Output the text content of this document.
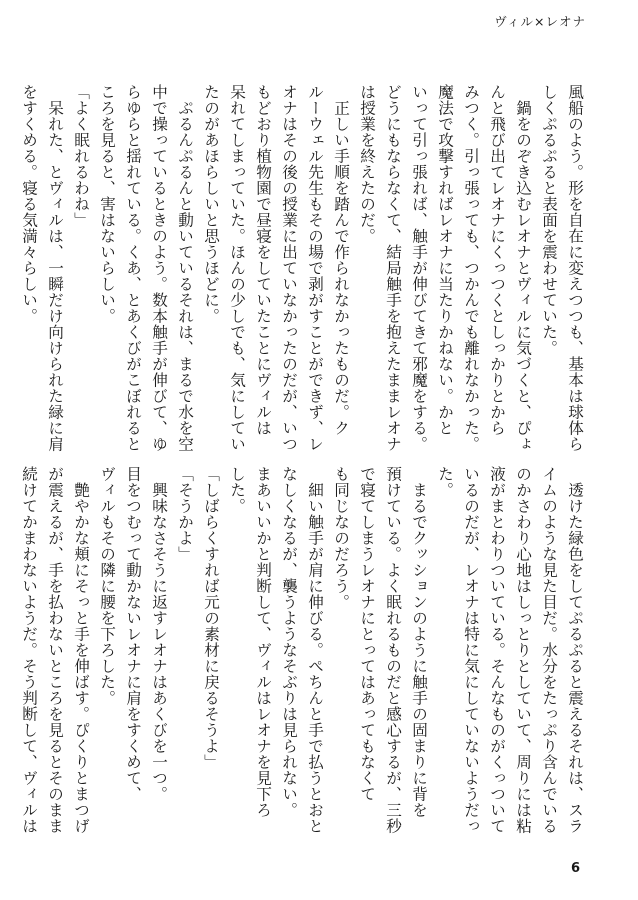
ヴィル×レオナ

風船のよう。形を自在に変えつつも、基本は球体ら

しくぷるぷると表面を震わせていた。

　鍋をのぞき込むレオナとヴィルに気づくと、ぴょ

んと飛び出てレオナにくっつくとしっかりとから

みつく。引っ張っても、つかんでも離れなかった。

魔法で攻撃すればレオナに当たりかねない。かと

いって引っ張れば、触手が伸びてきて邪魔をする。

どうにもならなくて、結局触手を抱えたままレオナ

は授業を終えたのだ。

　正しい手順を踏んで作られなかったものだ。ク

ルーウェル先生もその場で剥がすことができず、レ

オナはその後の授業に出ていなかったのだが、いつ

もどおり植物園で昼寝をしていたことにヴィルは

呆れてしまっていた。ほんの少しでも、気にしてい

たのがあほらしいと思うほどに。

　ぷるんぷるんと動いているそれは、まるで水を空

中で操っているときのよう。数本触手が伸びて、ゆ

らゆらと揺れている。くあ、とあくびがこぼれると

ころを見ると、害はないらしい。

「よく眠れるわね」

　呆れた、とヴィルは、一瞬だけ向けられた緑に肩

をすくめる。寝る気満々らしい。

　透けた緑色をしてぷるぷると震えるそれは、スラ

イムのような見た目だ。水分をたっぷり含んでいる

のかさわり心地はしっとりとしていて、周りには粘

液がまとわりついている。そんなものがくっついて

いるのだが、レオナは特に気にしていないようだっ

た。

　まるでクッションのように触手の固まりに背を

預けている。よく眠れるものだと感心するが、三秒

で寝てしまうレオナにとってはあってもなくて

も同じなのだろう。

　細い触手が肩に伸びる。ぺちんと手で払うとおと

なしくなるが、襲うようなそぶりは見られない。

まあいいかと判断して、ヴィルはレオナを見下ろ

した。

「しばらくすれば元の素材に戻るそうよ」

「そうかよ」

　興味なさそうに返すレオナはあくびを一つ。

目をつむって動かないレオナに肩をすくめて、

ヴィルもその隣に腰を下ろした。

　艶やかな頬にそっと手を伸ばす。ぴくりとまつげ

が震えるが、手を払わないところを見るとそのまま

続けてかまわないようだ。そう判断して、ヴィルは

6
